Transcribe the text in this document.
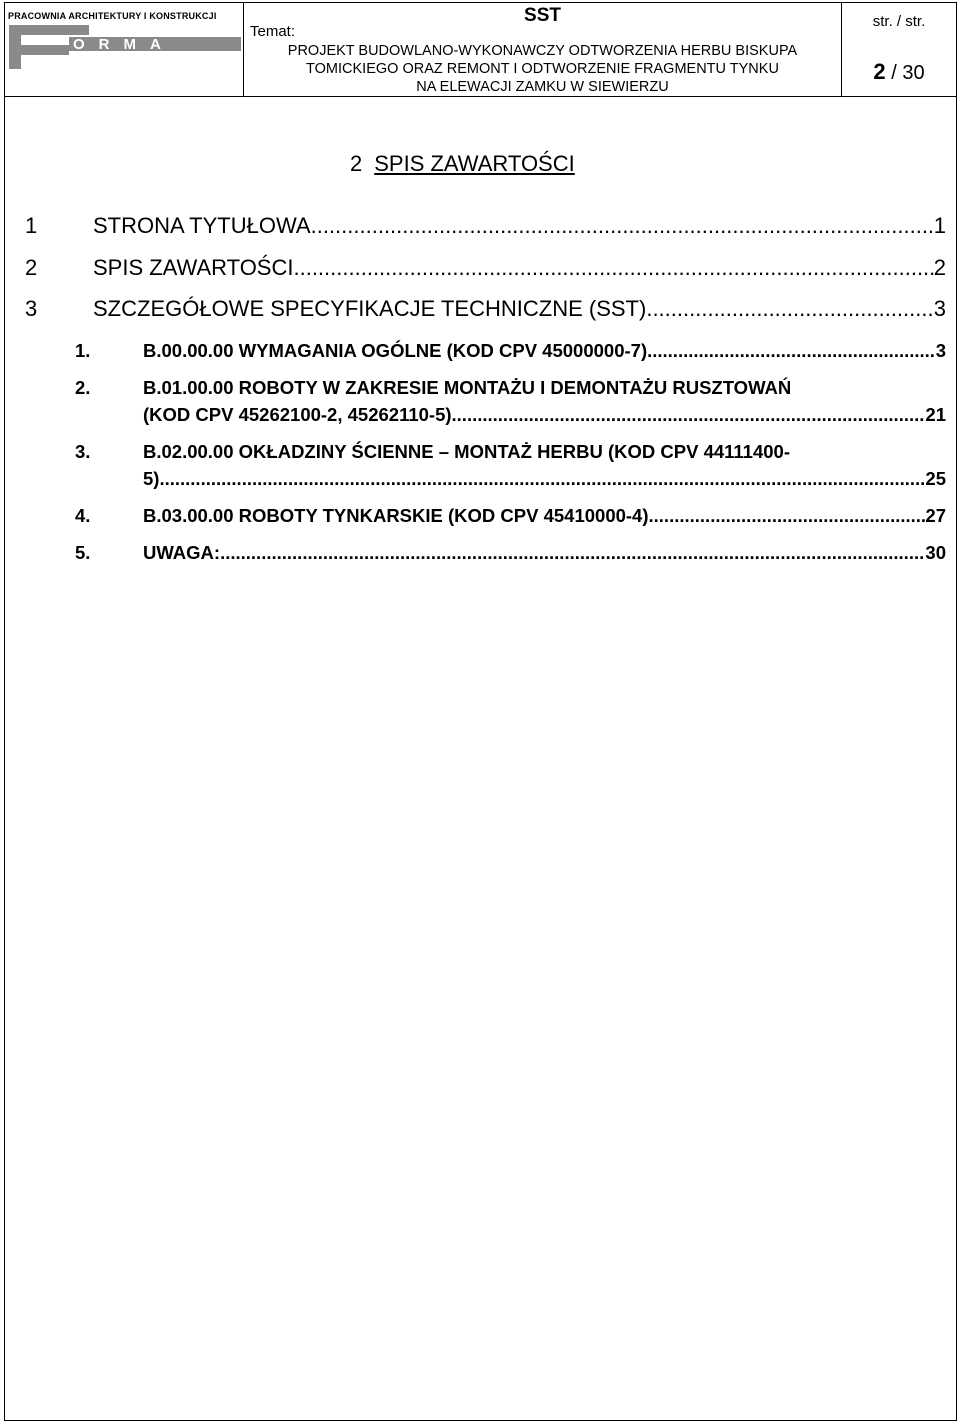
PRACOWNIA ARCHITEKTURY I KONSTRUKCJI
ORMA
SST
Temat:
PROJEKT BUDOWLANO-WYKONAWCZY ODTWORZENIA HERBU BISKUPA
TOMICKIEGO ORAZ REMONT I ODTWORZENIE FRAGMENTU TYNKU
NA ELEWACJI ZAMKU W SIEWIERZU
str. / str.
2 / 30
2 SPIS ZAWARTOŚCI
1	STRONA TYTUŁOWA .....	1
2	SPIS ZAWARTOŚCI .....	2
3	SZCZEGÓŁOWE SPECYFIKACJE TECHNICZNE (SST) .....	3
1.	B.00.00.00 WYMAGANIA OGÓLNE (KOD CPV 45000000-7) .....	3
2.	B.01.00.00 ROBOTY W ZAKRESIE MONTAŻU I DEMONTAŻU RUSZTOWAŃ
(KOD CPV 45262100-2, 45262110-5) .....	21
3.	B.02.00.00 OKŁADZINY ŚCIENNE – MONTAŻ HERBU (KOD CPV 44111400-
5) .....	25
4.	B.03.00.00 ROBOTY TYNKARSKIE (KOD CPV 45410000-4) .....	27
5.	UWAGA: .....	30
